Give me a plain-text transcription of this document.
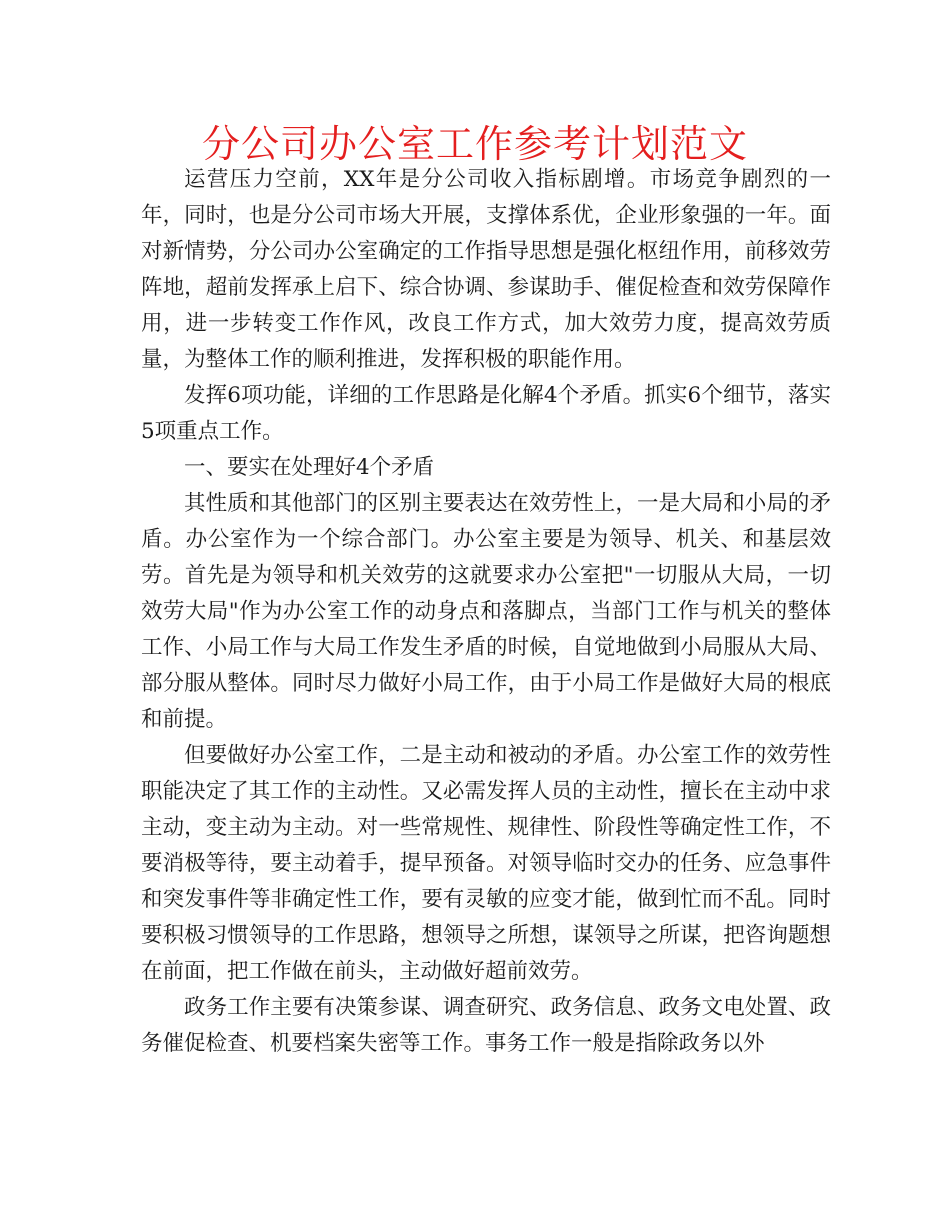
分公司办公室工作参考计划范文

运营压力空前，XX年是分公司收入指标剧增。市场竞争剧烈的一年，同时，也是分公司市场大开展，支撑体系优，企业形象强的一年。面对新情势，分公司办公室确定的工作指导思想是强化枢纽作用，前移效劳阵地，超前发挥承上启下、综合协调、参谋助手、催促检查和效劳保障作用，进一步转变工作作风，改良工作方式，加大效劳力度，提高效劳质量，为整体工作的顺利推进，发挥积极的职能作用。

发挥6项功能，详细的工作思路是化解4个矛盾。抓实6个细节，落实5项重点工作。

一、要实在处理好4个矛盾

其性质和其他部门的区别主要表达在效劳性上，一是大局和小局的矛盾。办公室作为一个综合部门。办公室主要是为领导、机关、和基层效劳。首先是为领导和机关效劳的这就要求办公室把"一切服从大局，一切效劳大局"作为办公室工作的动身点和落脚点，当部门工作与机关的整体工作、小局工作与大局工作发生矛盾的时候，自觉地做到小局服从大局、部分服从整体。同时尽力做好小局工作，由于小局工作是做好大局的根底和前提。

但要做好办公室工作，二是主动和被动的矛盾。办公室工作的效劳性职能决定了其工作的主动性。又必需发挥人员的主动性，擅长在主动中求主动，变主动为主动。对一些常规性、规律性、阶段性等确定性工作，不要消极等待，要主动着手，提早预备。对领导临时交办的任务、应急事件和突发事件等非确定性工作，要有灵敏的应变才能，做到忙而不乱。同时要积极习惯领导的工作思路，想领导之所想，谋领导之所谋，把咨询题想在前面，把工作做在前头，主动做好超前效劳。

政务工作主要有决策参谋、调查研究、政务信息、政务文电处置、政务催促检查、机要档案失密等工作。事务工作一般是指除政务以外
